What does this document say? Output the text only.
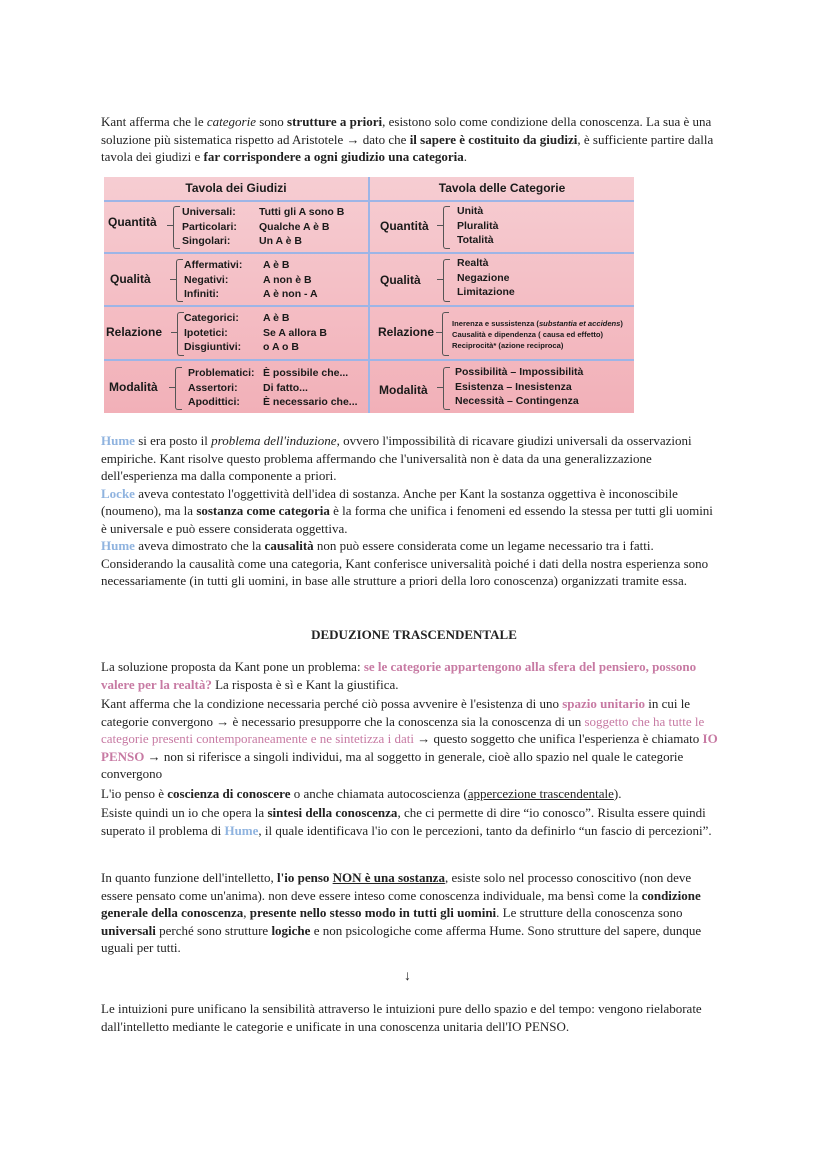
Kant afferma che le categorie sono strutture a priori, esistono solo come condizione della conoscenza. La sua è una soluzione più sistematica rispetto ad Aristotele → dato che il sapere è costituito da giudizi, è sufficiente partire dalla tavola dei giudizi e far corrispondere a ogni giudizio una categoria.

Tavola dei Giudizi	Tavola delle Categorie
Quantità
Universali:
Particolari:
Singolari:
Tutti gli A sono B
Qualche A è B
Un A è B
Quantità
Unità
Pluralità
Totalità
Qualità
Affermativi:
Negativi:
Infiniti:
A è B
A non è B
A è non - A
Qualità
Realtà
Negazione
Limitazione
Relazione
Categorici:
Ipotetici:
Disgiuntivi:
A è B
Se A allora B
o A o B
Relazione
Inerenza e sussistenza (substantia et accidens)
Causalità e dipendenza ( causa ed effetto)
Reciprocità* (azione reciproca)
Modalità
Problematici:
Assertori:
Apodittici:
È possibile che...
Di fatto...
È necessario che...
Modalità
Possibilità – Impossibilità
Esistenza – Inesistenza
Necessità – Contingenza

Hume si era posto il problema dell'induzione, ovvero l'impossibilità di ricavare giudizi universali da osservazioni empiriche. Kant risolve questo problema affermando che l'universalità non è data da una generalizzazione dell'esperienza ma dalla componente a priori.

Locke aveva contestato l'oggettività dell'idea di sostanza. Anche per Kant la sostanza oggettiva è inconoscibile (noumeno), ma la sostanza come categoria è la forma che unifica i fenomeni ed essendo la stessa per tutti gli uomini è universale e può essere considerata oggettiva.

Hume aveva dimostrato che la causalità non può essere considerata come un legame necessario tra i fatti. Considerando la causalità come una categoria, Kant conferisce universalità poiché i dati della nostra esperienza sono necessariamente (in tutti gli uomini, in base alle strutture a priori della loro conoscenza) organizzati tramite essa.

DEDUZIONE TRASCENDENTALE

La soluzione proposta da Kant pone un problema: se le categorie appartengono alla sfera del pensiero, possono valere per la realtà? La risposta è sì e Kant la giustifica.

Kant afferma che la condizione necessaria perché ciò possa avvenire è l'esistenza di uno spazio unitario in cui le categorie convergono → è necessario presupporre che la conoscenza sia la conoscenza di un soggetto che ha tutte le categorie presenti contemporaneamente e ne sintetizza i dati → questo soggetto che unifica l'esperienza è chiamato IO PENSO → non si riferisce a singoli individui, ma al soggetto in generale, cioè allo spazio nel quale le categorie convergono

L'io penso è coscienza di conoscere o anche chiamata autocoscienza (appercezione trascendentale).

Esiste quindi un io che opera la sintesi della conoscenza, che ci permette di dire “io conosco”. Risulta essere quindi superato il problema di Hume, il quale identificava l'io con le percezioni, tanto da definirlo “un fascio di percezioni”.

In quanto funzione dell'intelletto, l'io penso NON è una sostanza, esiste solo nel processo conoscitivo (non deve essere pensato come un'anima). non deve essere inteso come conoscenza individuale, ma bensì come la condizione generale della conoscenza, presente nello stesso modo in tutti gli uomini. Le strutture della conoscenza sono universali perché sono strutture logiche e non psicologiche come afferma Hume. Sono strutture del sapere, dunque uguali per tutti.

↓

Le intuizioni pure unificano la sensibilità attraverso le intuizioni pure dello spazio e del tempo: vengono rielaborate dall'intelletto mediante le categorie e unificate in una conoscenza unitaria dell'IO PENSO.
